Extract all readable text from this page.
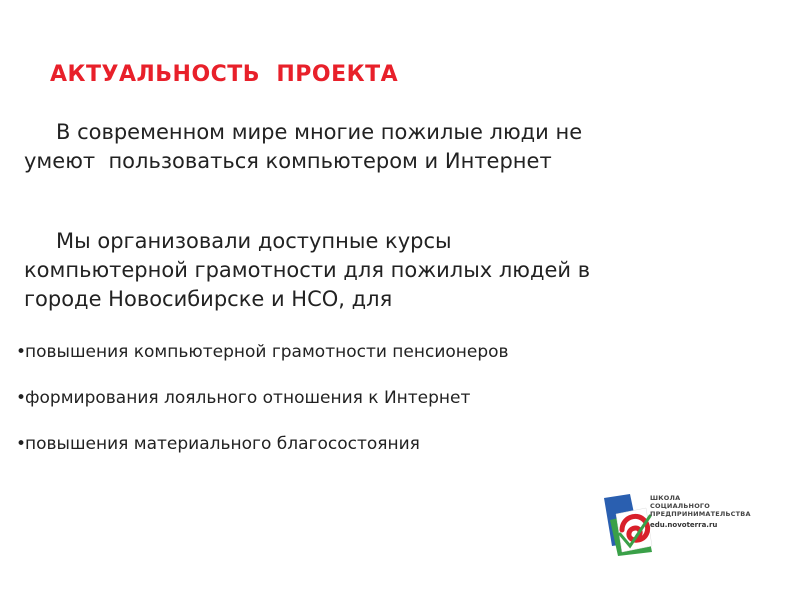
АКТУАЛЬНОСТЬ  ПРОЕКТА

В современном мире многие пожилые люди не

умеют  пользоваться компьютером и Интернет

Мы организовали доступные курсы

компьютерной грамотности для пожилых людей в

городе Новосибирске и НСО, для

•повышения компьютерной грамотности пенсионеров
•формирования лояльного отношения к Интернет
•повышения материального благосостояния
ШКОЛА
СОЦИАЛЬНОГО
ПРЕДПРИНИМАТЕЛЬСТВА
edu.novoterra.ru
